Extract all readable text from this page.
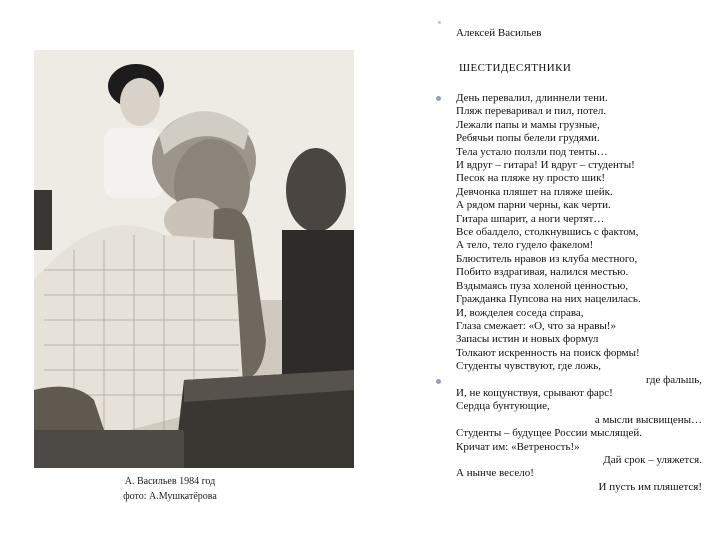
А. Васильев 1984 год
фото: А.Мушкатёрова
Алексей Васильев
ШЕСТИДЕСЯТНИКИ
День перевалил, длиннели тени.
Пляж переваривал и пил, потел.
Лежали папы и мамы грузные,
Ребячьи попы белели грудями.
Тела устало ползли под тенты…
И вдруг – гитара! И вдруг – студенты!
Песок на пляже ну просто шик!
Девчонка пляшет на пляже шейк.
А рядом парни черны, как черти.
Гитара шпарит, а ноги чертят…
Все обалдело, столкнувшись с фактом,
А тело, тело гудело факелом!
Блюститель нравов из клуба местного,
Побито вздрагивая, налился местью.
Вздымаясь пуза холеной ценностью,
Гражданка Пупсова на них нацелилась.
И, вожделея соседа справа,
Глаза смежает: «О, что за нравы!»
Запасы истин и новых формул
Толкают искренность на поиск формы!
Студенты чувствуют, где ложь,
где фальшь,
И, не кощунствуя, срывают фарс!
Сердца бунтующие,
а мысли высвищены…
Студенты – будущее России мыслящей.
Кричат им: «Ветреность!»
Дай срок – уляжется.
А нынче весело!
И пусть им пляшется!
